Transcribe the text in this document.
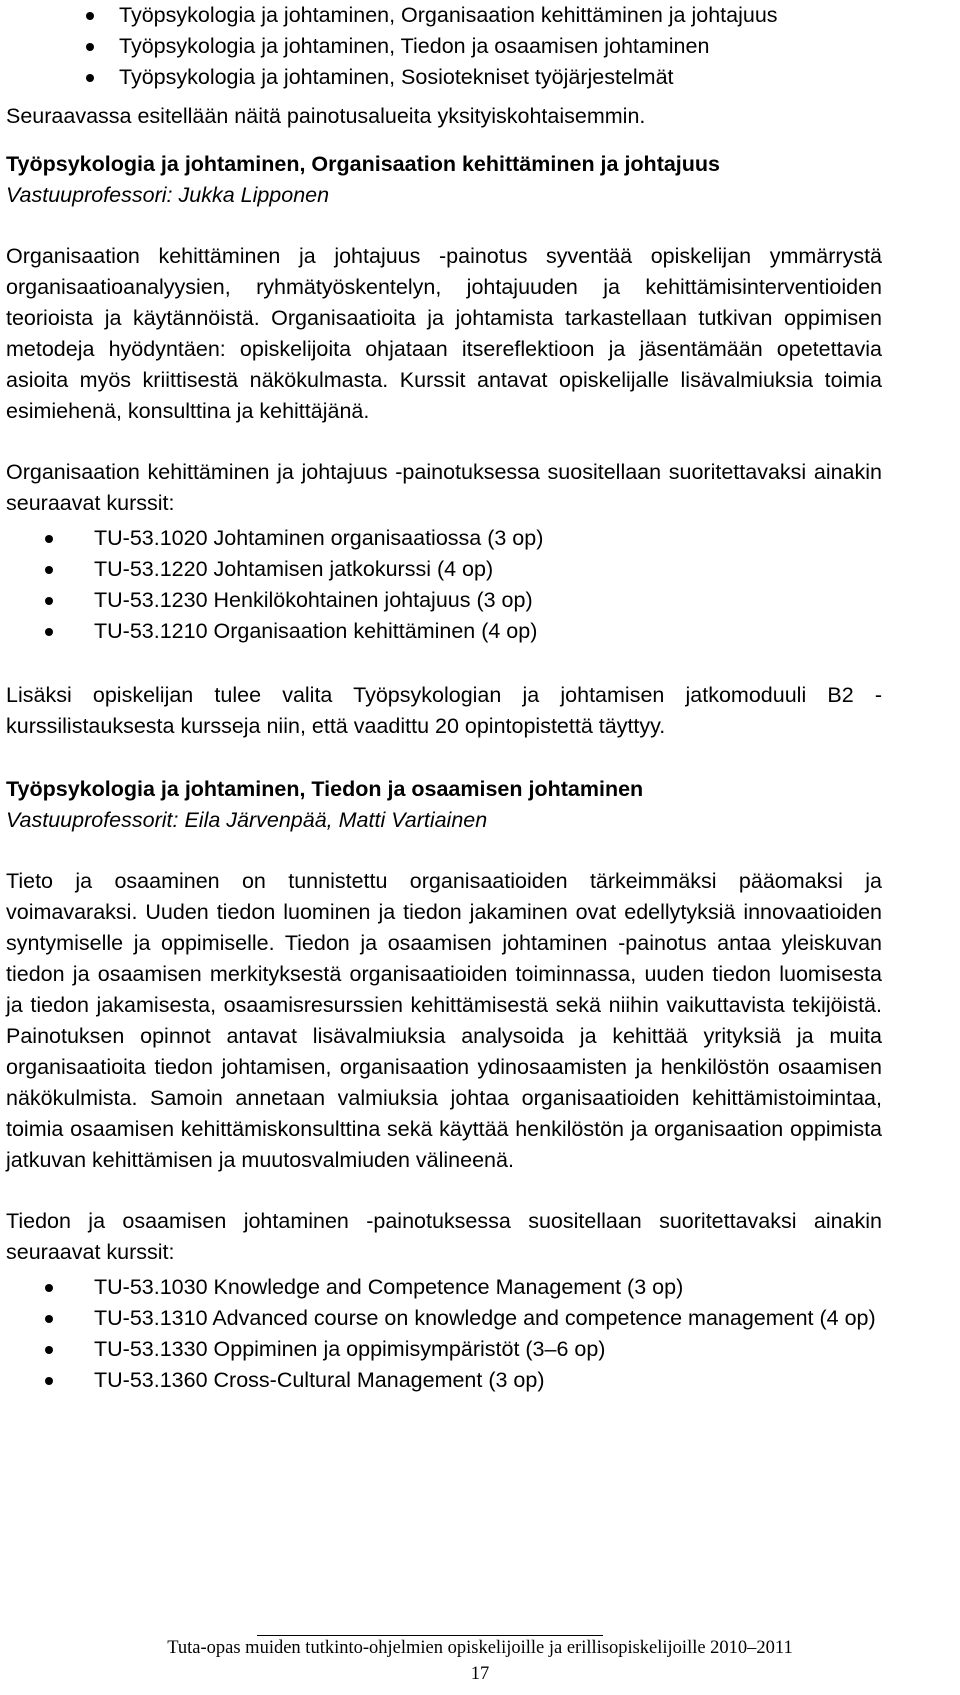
Työpsykologia ja johtaminen, Organisaation kehittäminen ja johtajuus
Työpsykologia ja johtaminen, Tiedon ja osaamisen johtaminen
Työpsykologia ja johtaminen, Sosiotekniset työjärjestelmät

Seuraavassa esitellään näitä painotusalueita yksityiskohtaisemmin.

Työpsykologia ja johtaminen, Organisaation kehittäminen ja johtajuus

Vastuuprofessori: Jukka Lipponen

Organisaation kehittäminen ja johtajuus -painotus syventää opiskelijan ymmärrystä organisaatioanalyysien, ryhmätyöskentelyn, johtajuuden ja kehittämisinterventioiden teorioista ja käytännöistä. Organisaatioita ja johtamista tarkastellaan tutkivan oppimisen metodeja hyödyntäen: opiskelijoita ohjataan itsereflektioon ja jäsentämään opetettavia asioita myös kriittisestä näkökulmasta. Kurssit antavat opiskelijalle lisävalmiuksia toimia esimiehenä, konsulttina ja kehittäjänä.

Organisaation kehittäminen ja johtajuus -painotuksessa suositellaan suoritettavaksi ainakin seuraavat kurssit:

TU-53.1020 Johtaminen organisaatiossa (3 op)
TU-53.1220 Johtamisen jatkokurssi (4 op)
TU-53.1230 Henkilökohtainen johtajuus (3 op)
TU-53.1210 Organisaation kehittäminen (4 op)

Lisäksi opiskelijan tulee valita Työpsykologian ja johtamisen jatkomoduuli B2 -kurssilistauksesta kursseja niin, että vaadittu 20 opintopistettä täyttyy.

Työpsykologia ja johtaminen, Tiedon ja osaamisen johtaminen

Vastuuprofessorit: Eila Järvenpää, Matti Vartiainen

Tieto ja osaaminen on tunnistettu organisaatioiden tärkeimmäksi pääomaksi ja voimavaraksi. Uuden tiedon luominen ja tiedon jakaminen ovat edellytyksiä innovaatioiden syntymiselle ja oppimiselle. Tiedon ja osaamisen johtaminen -painotus antaa yleiskuvan tiedon ja osaamisen merkityksestä organisaatioiden toiminnassa, uuden tiedon luomisesta ja tiedon jakamisesta, osaamisresurssien kehittämisestä sekä niihin vaikuttavista tekijöistä. Painotuksen opinnot antavat lisävalmiuksia analysoida ja kehittää yrityksiä ja muita organisaatioita tiedon johtamisen, organisaation ydinosaamisten ja henkilöstön osaamisen näkökulmista. Samoin annetaan valmiuksia johtaa organisaatioiden kehittämistoimintaa, toimia osaamisen kehittämiskonsulttina sekä käyttää henkilöstön ja organisaation oppimista jatkuvan kehittämisen ja muutosvalmiuden välineenä.

Tiedon ja osaamisen johtaminen -painotuksessa suositellaan suoritettavaksi ainakin seuraavat kurssit:

TU-53.1030 Knowledge and Competence Management (3 op)
TU-53.1310 Advanced course on knowledge and competence management (4 op)
TU-53.1330 Oppiminen ja oppimisympäristöt (3–6 op)
TU-53.1360 Cross-Cultural Management (3 op)
Tuta-opas muiden tutkinto-ohjelmien opiskelijoille ja erillisopiskelijoille 2010–2011
17
